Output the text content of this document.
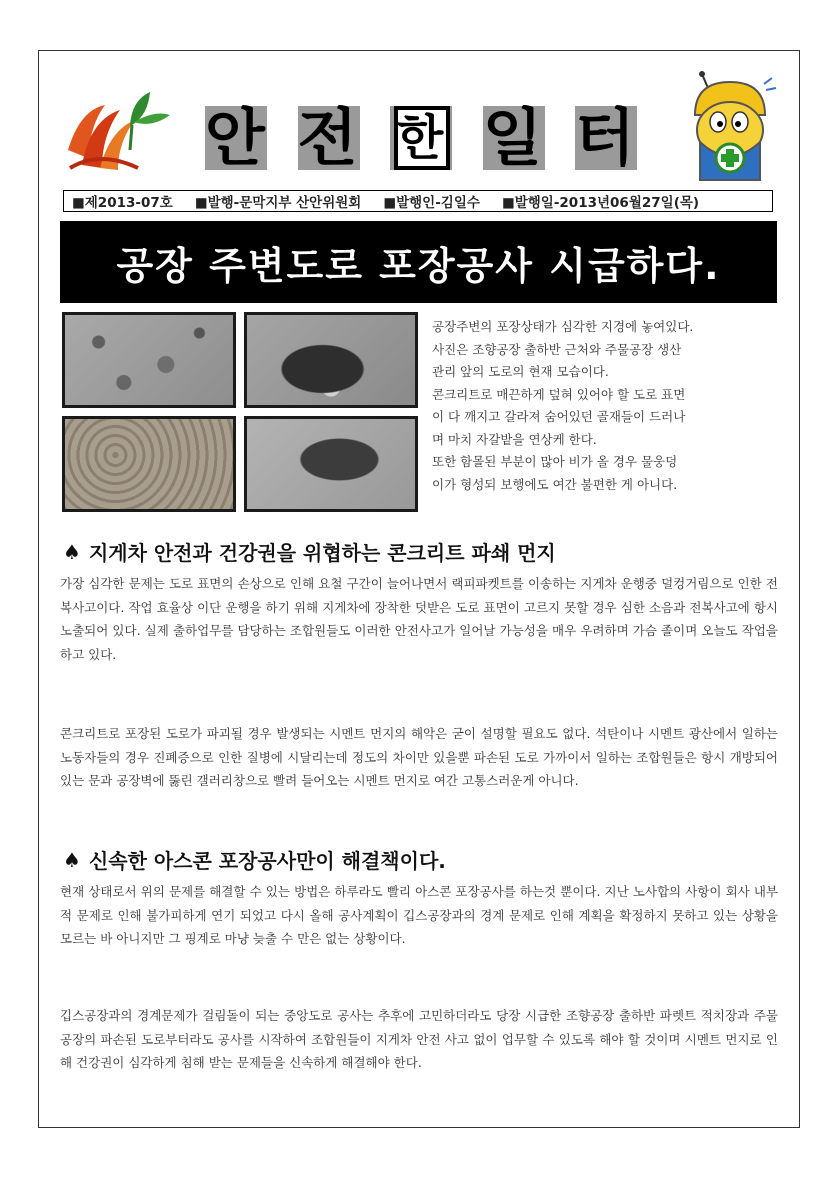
안 전 한 일 터
■제2013-07호 ■발행-문막지부 산안위원회 ■발행인-김일수 ■발행일-2013년06월27일(목)
공장 주변도로 포장공사 시급하다.
공장주변의 포장상태가 심각한 지경에 놓여있다.
사진은 조향공장 출하반 근처와 주물공장 생산
관리 앞의 도로의 현재 모습이다.
콘크리트로 매끈하게 덮혀 있어야 할 도로 표면
이 다 깨지고 갈라져 숨어있던 골재들이 드러나
며 마치 자갈밭을 연상케 한다.
또한 함몰된 부분이 많아 비가 올 경우 물웅덩
이가 형성되 보행에도 여간 불편한 게 아니다.
♠ 지게차 안전과 건강권을 위협하는 콘크리트 파쇄 먼지

가장 심각한 문제는 도로 표면의 손상으로 인해 요철 구간이 늘어나면서 랙피파켓트를 이송하는 지게차 운행중 덜컹거림으로 인한 전복사고이다. 작업 효율상 이단 운행을 하기 위해 지게차에 장착한 덧받은 도로 표면이 고르지 못할 경우 심한 소음과 전복사고에 항시 노출되어 있다. 실제 출하업무를 담당하는 조합원들도 이러한 안전사고가 일어날 가능성을 매우 우려하며 가슴 졸이며 오늘도 작업을 하고 있다.

콘크리트로 포장된 도로가 파괴될 경우 발생되는 시멘트 먼지의 해악은 굳이 설명할 필요도 없다. 석탄이나 시멘트 광산에서 일하는 노동자들의 경우 진폐증으로 인한 질병에 시달리는데 정도의 차이만 있을뿐 파손된 도로 가까이서 일하는 조합원들은 항시 개방되어 있는 문과 공장벽에 뚫린 갤러리창으로 빨려 들어오는 시멘트 먼지로 여간 고통스러운게 아니다.

♠ 신속한 아스콘 포장공사만이 해결책이다.

현재 상태로서 위의 문제를 해결할 수 있는 방법은 하루라도 빨리 아스콘 포장공사를 하는것 뿐이다. 지난 노사합의 사항이 회사 내부적 문제로 인해 불가피하게 연기 되었고 다시 올해 공사계획이 깁스공장과의 경계 문제로 인해 계획을 확정하지 못하고 있는 상황을 모르는 바 아니지만 그 핑계로 마냥 늦출 수 만은 없는 상황이다.

깁스공장과의 경계문제가 걸림돌이 되는 중앙도로 공사는 추후에 고민하더라도 당장 시급한 조향공장 출하반 파렛트 적치장과 주물공장의 파손된 도로부터라도 공사를 시작하여 조합원들이 지게차 안전 사고 없이 업무할 수 있도록 해야 할 것이며 시멘트 먼지로 인해 건강권이 심각하게 침해 받는 문제들을 신속하게 해결해야 한다.
